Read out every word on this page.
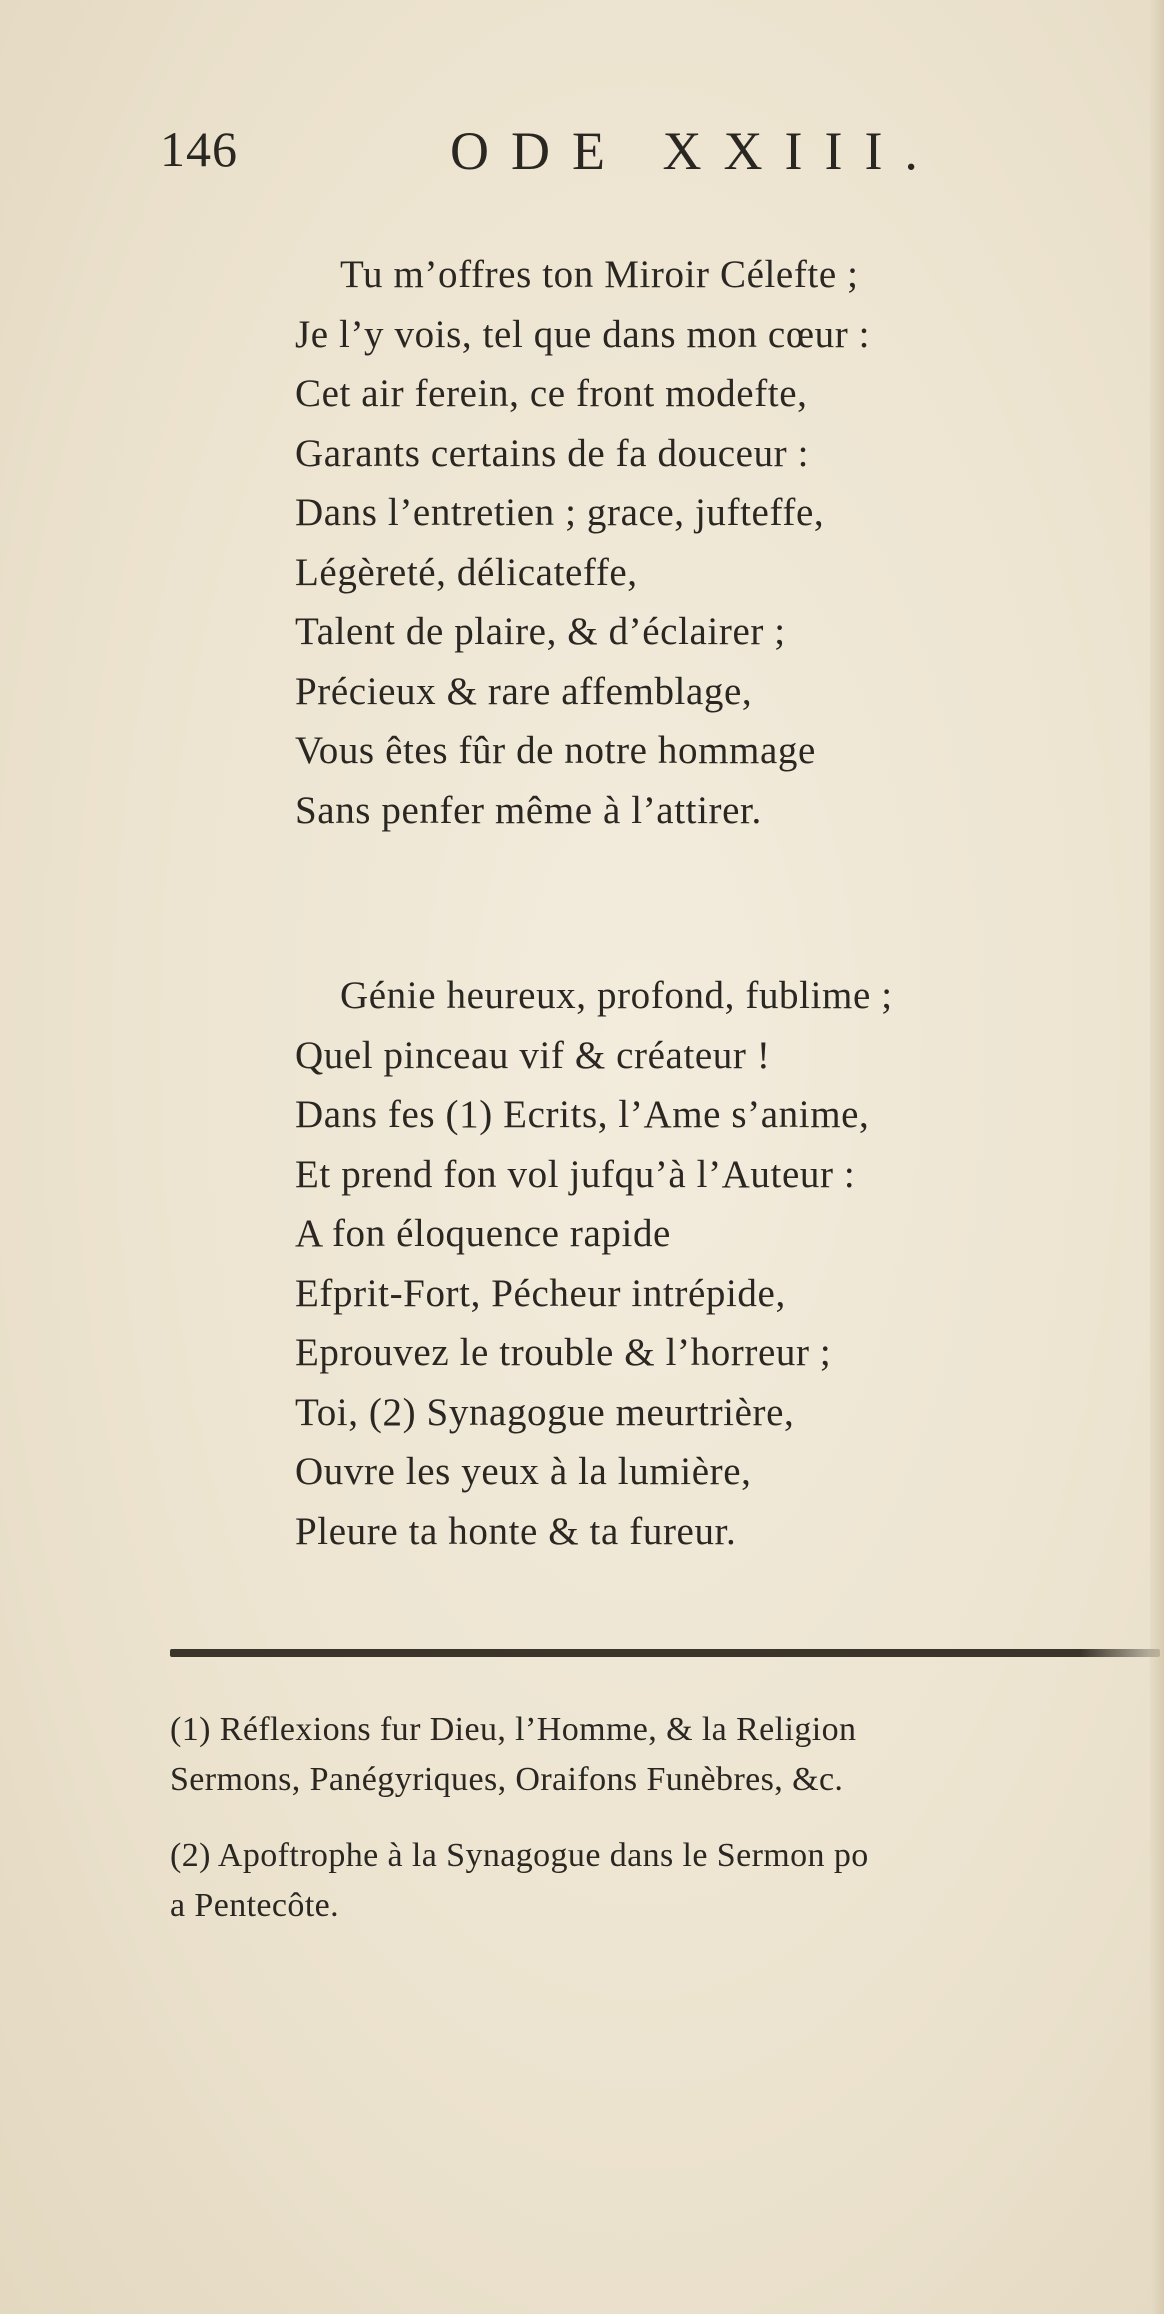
146	ODE XXIII.
Tu m’offres ton Miroir Célefte ;
Je l’y vois, tel que dans mon cœur :
Cet air ferein, ce front modefte,
Garants certains de fa douceur :
Dans l’entretien ; grace, jufteffe,
Légèreté, délicateffe,
Talent de plaire, & d’éclairer ;
Précieux & rare affemblage,
Vous êtes fûr de notre hommage
Sans penfer même à l’attirer.
Génie heureux, profond, fublime ;
Quel pinceau vif & créateur !
Dans fes (1) Ecrits, l’Ame s’anime,
Et prend fon vol jufqu’à l’Auteur :
A fon éloquence rapide
Efprit-Fort, Pécheur intrépide,
Eprouvez le trouble & l’horreur ;
Toi, (2) Synagogue meurtrière,
Ouvre les yeux à la lumière,
Pleure ta honte & ta fureur.
(1) Réflexions fur Dieu, l’Homme, & la Religion
Sermons, Panégyriques, Oraifons Funèbres, &c.
(2) Apoftrophe à la Synagogue dans le Sermon po
a Pentecôte.
